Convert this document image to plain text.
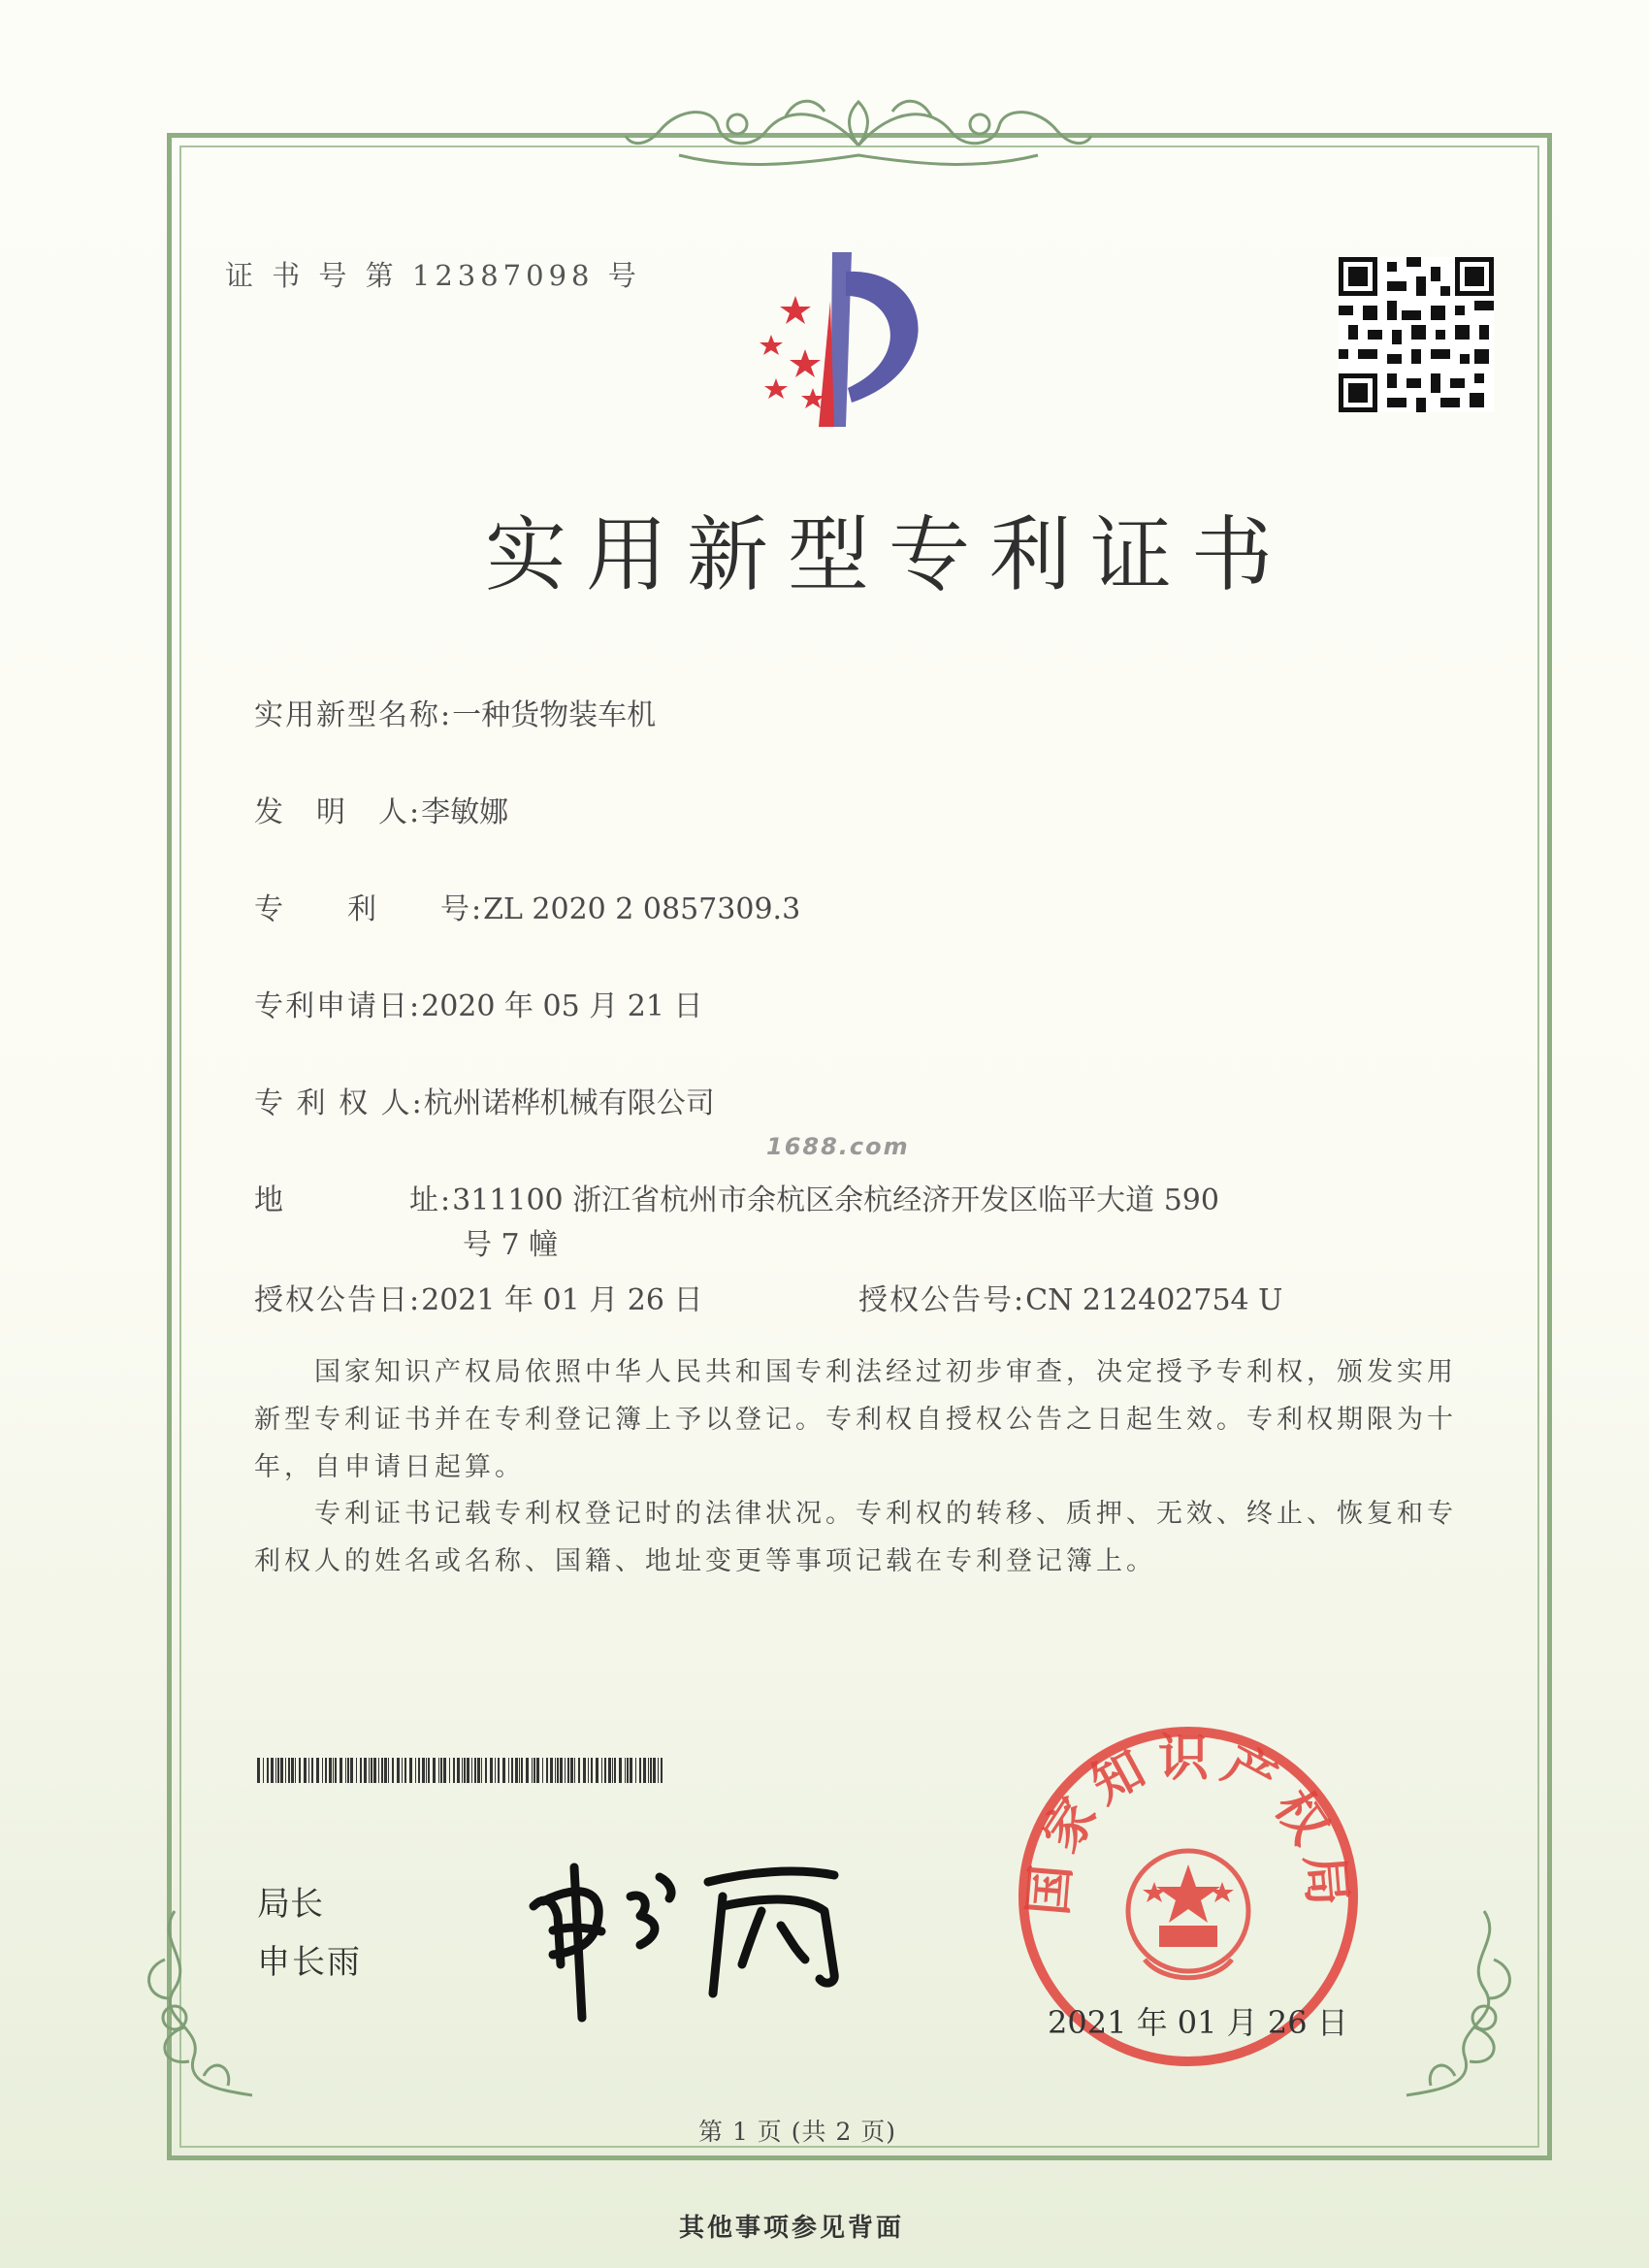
证 书 号 第 12387098 号
实用新型专利证书
实用新型名称:一种货物装车机
发　明　人:李敏娜
专　　利　　号:ZL 2020 2 0857309.3
专利申请日:2020 年 05 月 21 日
专 利 权 人:杭州诺桦机械有限公司
1688.com
地　　　　址:311100 浙江省杭州市余杭区余杭经济开发区临平大道 590
号 7 幢
授权公告日:2021 年 01 月 26 日	授权公告号:CN 212402754 U
国家知识产权局依照中华人民共和国专利法经过初步审查，决定授予专利权，颁发实用
新型专利证书并在专利登记簿上予以登记。专利权自授权公告之日起生效。专利权期限为十
年，自申请日起算。
专利证书记载专利权登记时的法律状况。专利权的转移、质押、无效、终止、恢复和专
利权人的姓名或名称、国籍、地址变更等事项记载在专利登记簿上。
局长
申长雨
国家知识产权局
2021 年 01 月 26 日
第 1 页 (共 2 页)
其他事项参见背面
